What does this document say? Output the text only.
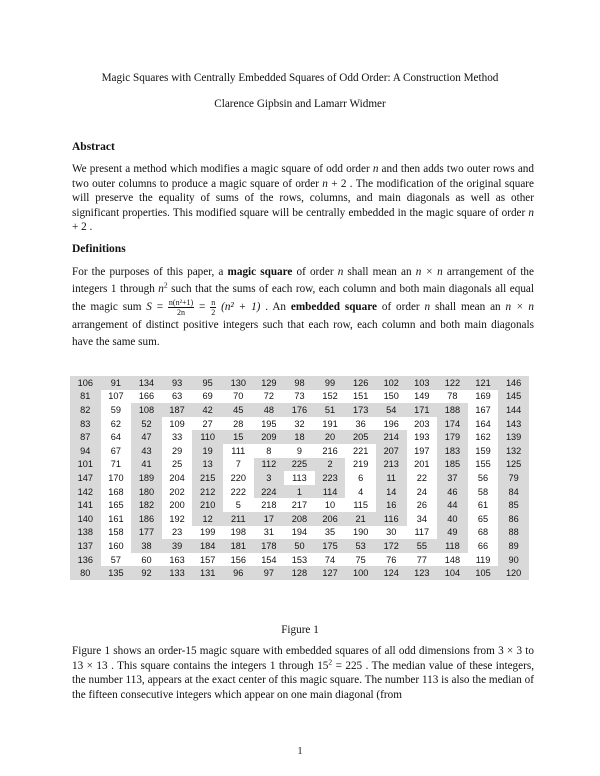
Magic Squares with Centrally Embedded Squares of Odd Order: A Construction Method
Clarence Gipbsin and Lamarr Widmer
Abstract

We present a method which modifies a magic square of odd order n and then adds two outer rows and two outer columns to produce a magic square of order n + 2 . The modification of the original square will preserve the equality of sums of the rows, columns, and main diagonals as well as other significant properties. This modified square will be centrally embedded in the magic square of order n + 2 .

Definitions

For the purposes of this paper, a magic square of order n shall mean an n × n arrangement of the integers 1 through $n^2$ such that the sums of each row, each column and both main diagonals all equal the magic sum $S = \frac{\text{n(n²+1)}}{2n} = \frac{n}{2} (n^2 + 1)$ . An embedded square of order n shall mean an n × n arrangement of distinct positive integers such that each row, each column and both main diagonals have the same sum.

106	91	134	93	95	130	129	98	99	126	102	103	122	121	146
81	107	166	63	69	70	72	73	152	151	150	149	78	169	145
82	59	108	187	42	45	48	176	51	173	54	171	188	167	144
83	62	52	109	27	28	195	32	191	36	196	203	174	164	143
87	64	47	33	110	15	209	18	20	205	214	193	179	162	139
94	67	43	29	19	111	8	9	216	221	207	197	183	159	132
101	71	41	25	13	7	112	225	2	219	213	201	185	155	125
147	170	189	204	215	220	3	113	223	6	11	22	37	56	79
142	168	180	202	212	222	224	1	114	4	14	24	46	58	84
141	165	182	200	210	5	218	217	10	115	16	26	44	61	85
140	161	186	192	12	211	17	208	206	21	116	34	40	65	86
138	158	177	23	199	198	31	194	35	190	30	117	49	68	88
137	160	38	39	184	181	178	50	175	53	172	55	118	66	89
136	57	60	163	157	156	154	153	74	75	76	77	148	119	90
80	135	92	133	131	96	97	128	127	100	124	123	104	105	120
Figure 1

Figure 1 shows an order-15 magic square with embedded squares of all odd dimensions from 3 × 3 to 13 × 13 . This square contains the integers 1 through $15^2 = 225$ . The median value of these integers, the number 113, appears at the exact center of this magic square. The number 113 is also the median of the fifteen consecutive integers which appear on one main diagonal (from

1
